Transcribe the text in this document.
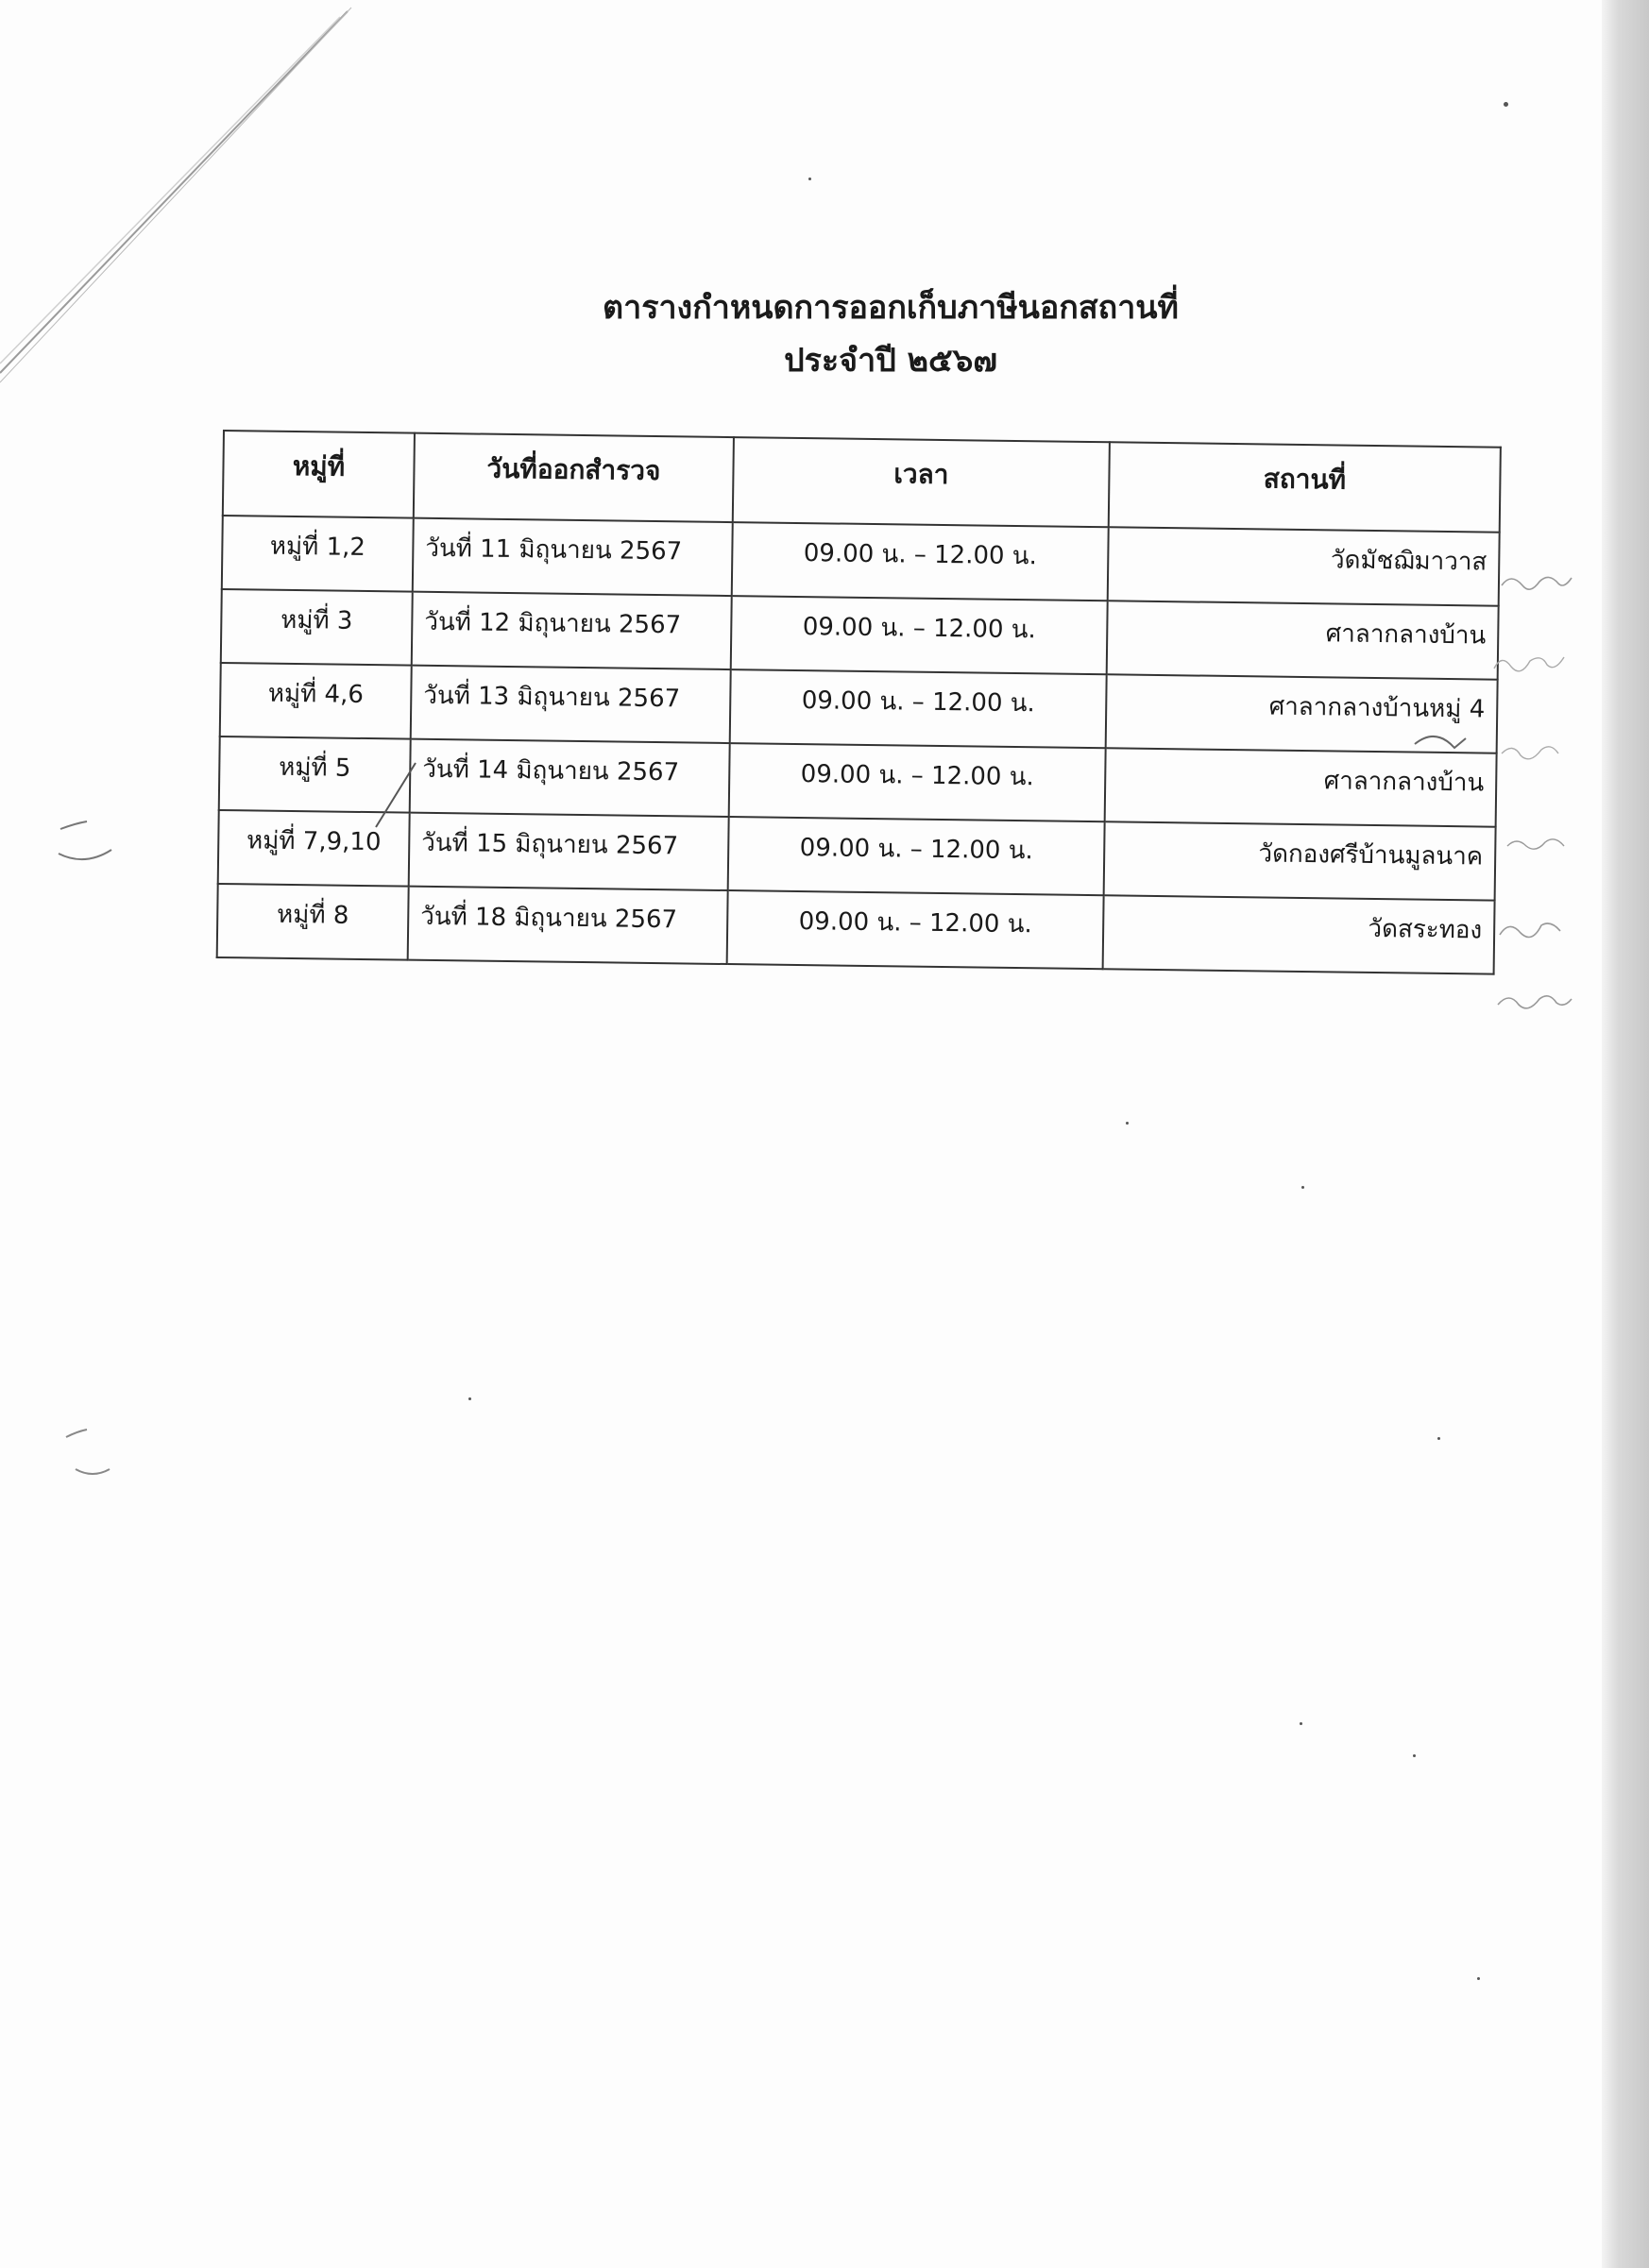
ตารางกำหนดการออกเก็บภาษีนอกสถานที่
ประจำปี ๒๕๖๗
หมู่ที่	วันที่ออกสำรวจ	เวลา	สถานที่
หมู่ที่ 1,2	วันที่ 11 มิถุนายน 2567	09.00 น. – 12.00 น.	วัดมัชฌิมาวาส
หมู่ที่ 3	วันที่ 12 มิถุนายน 2567	09.00 น. – 12.00 น.	ศาลากลางบ้าน
หมู่ที่ 4,6	วันที่ 13 มิถุนายน 2567	09.00 น. – 12.00 น.	ศาลากลางบ้านหมู่ 4
หมู่ที่ 5	วันที่ 14 มิถุนายน 2567	09.00 น. – 12.00 น.	ศาลากลางบ้าน
หมู่ที่ 7,9,10	วันที่ 15 มิถุนายน 2567	09.00 น. – 12.00 น.	วัดกองศรีบ้านมูลนาค
หมู่ที่ 8	วันที่ 18 มิถุนายน 2567	09.00 น. – 12.00 น.	วัดสระทอง
